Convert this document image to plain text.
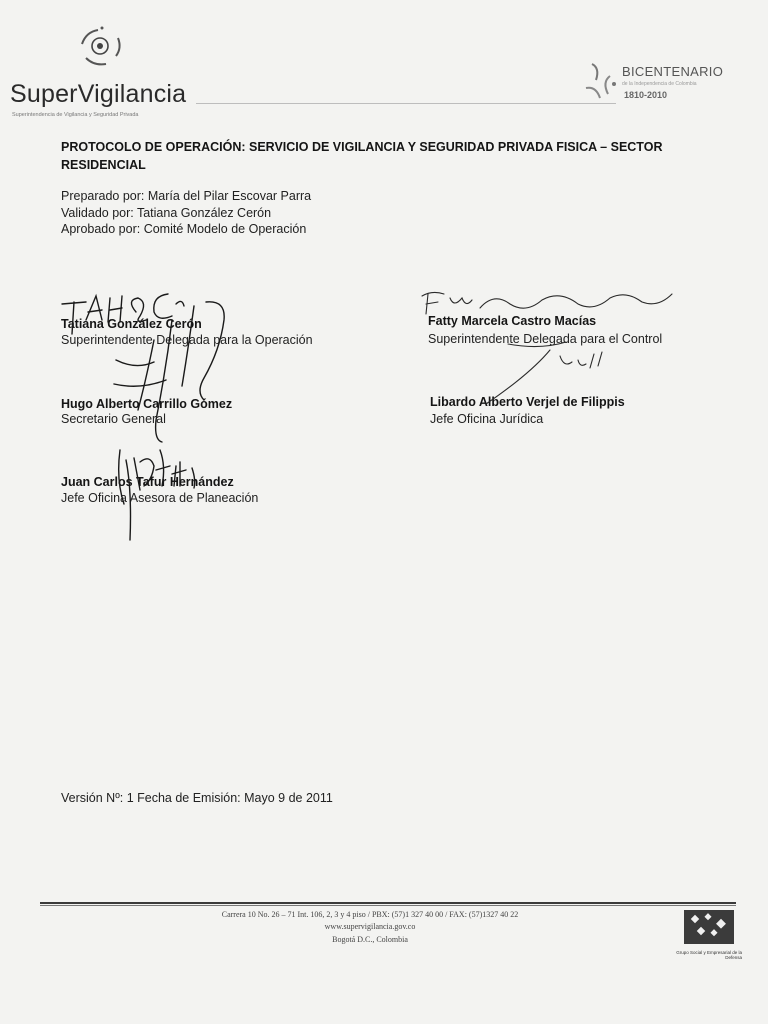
SuperVigilancia
Superintendencia de Vigilancia y Seguridad Privada
BICENTENARIO
de la Independencia de Colombia
1810-2010
PROTOCOLO DE OPERACIÓN: SERVICIO DE VIGILANCIA Y SEGURIDAD PRIVADA FISICA – SECTOR RESIDENCIAL
Preparado por: María del Pilar Escovar Parra
Validado por: Tatiana González Cerón
Aprobado por: Comité Modelo de Operación
Tatiana González Cerón
Superintendente Delegada para la Operación
Fatty Marcela Castro Macías
Superintendente Delegada para el Control
Hugo Alberto Carrillo Gómez
Secretario General
Libardo Alberto Verjel de Filippis
Jefe Oficina Jurídica
Juan Carlos Tafur Hernández
Jefe Oficina Asesora de Planeación
Versión Nº: 1 Fecha de Emisión: Mayo 9 de 2011
Carrera 10 No. 26 – 71 Int. 106, 2, 3 y 4 piso / PBX: (57)1 327 40 00 / FAX: (57)1327 40 22
www.supervigilancia.gov.co
Bogotá D.C., Colombia
Grupo Social y Empresarial de la Defensa
